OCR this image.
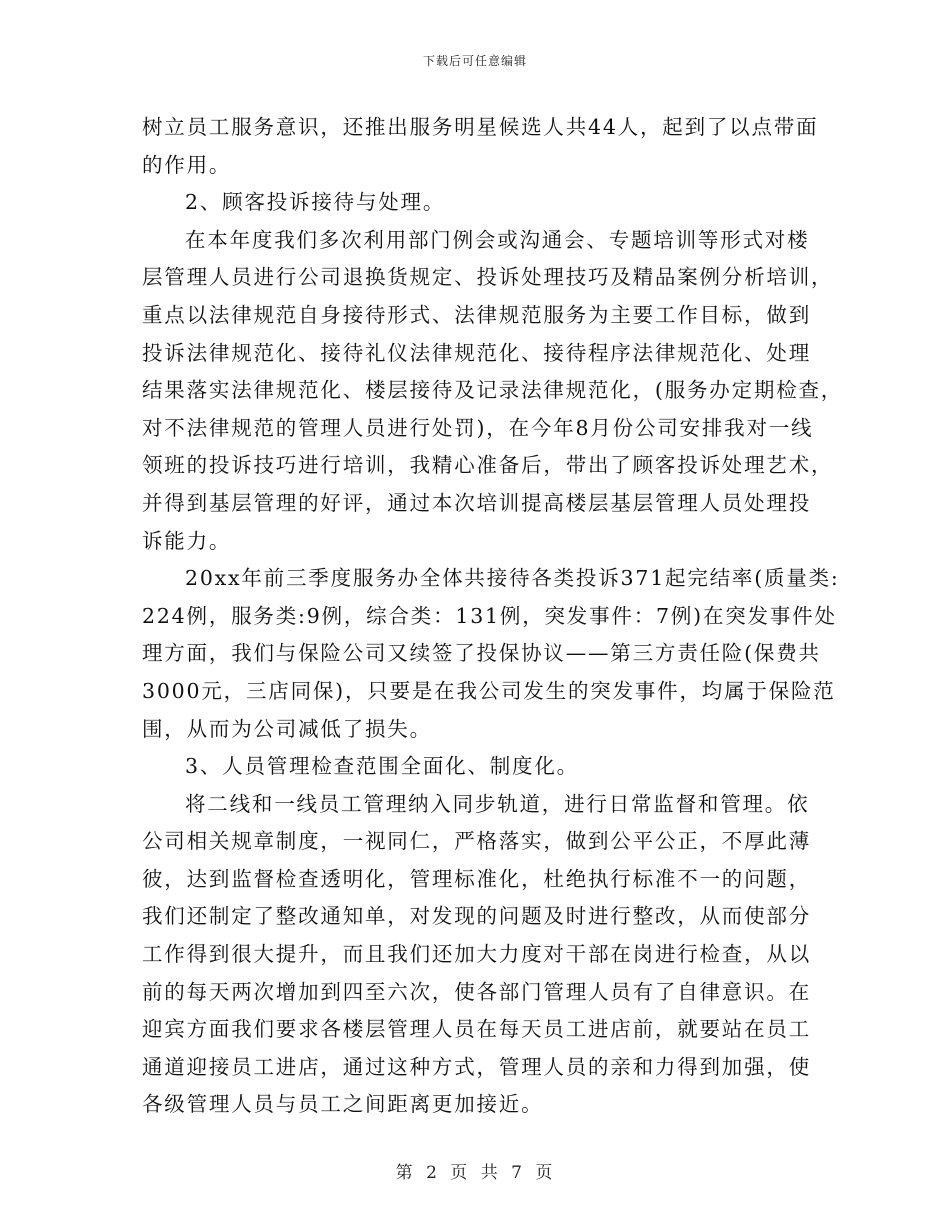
下载后可任意编辑
树立员工服务意识，还推出服务明星候选人共44人，起到了以点带面
的作用。
2、顾客投诉接待与处理。
在本年度我们多次利用部门例会或沟通会、专题培训等形式对楼
层管理人员进行公司退换货规定、投诉处理技巧及精品案例分析培训，
重点以法律规范自身接待形式、法律规范服务为主要工作目标，做到
投诉法律规范化、接待礼仪法律规范化、接待程序法律规范化、处理
结果落实法律规范化、楼层接待及记录法律规范化，(服务办定期检查，
对不法律规范的管理人员进行处罚)，在今年8月份公司安排我对一线
领班的投诉技巧进行培训，我精心准备后，带出了顾客投诉处理艺术，
并得到基层管理的好评，通过本次培训提高楼层基层管理人员处理投
诉能力。
20xx年前三季度服务办全体共接待各类投诉371起完结率(质量类:
224例，服务类:9例，综合类：131例，突发事件：7例)在突发事件处
理方面，我们与保险公司又续签了投保协议——第三方责任险(保费共
3000元，三店同保)，只要是在我公司发生的突发事件，均属于保险范
围，从而为公司减低了损失。
3、人员管理检查范围全面化、制度化。
将二线和一线员工管理纳入同步轨道，进行日常监督和管理。依
公司相关规章制度，一视同仁，严格落实，做到公平公正，不厚此薄
彼，达到监督检查透明化，管理标准化，杜绝执行标准不一的问题，
我们还制定了整改通知单，对发现的问题及时进行整改，从而使部分
工作得到很大提升，而且我们还加大力度对干部在岗进行检查，从以
前的每天两次增加到四至六次，使各部门管理人员有了自律意识。在
迎宾方面我们要求各楼层管理人员在每天员工进店前，就要站在员工
通道迎接员工进店，通过这种方式，管理人员的亲和力得到加强，使
各级管理人员与员工之间距离更加接近。
第 2 页 共 7 页
